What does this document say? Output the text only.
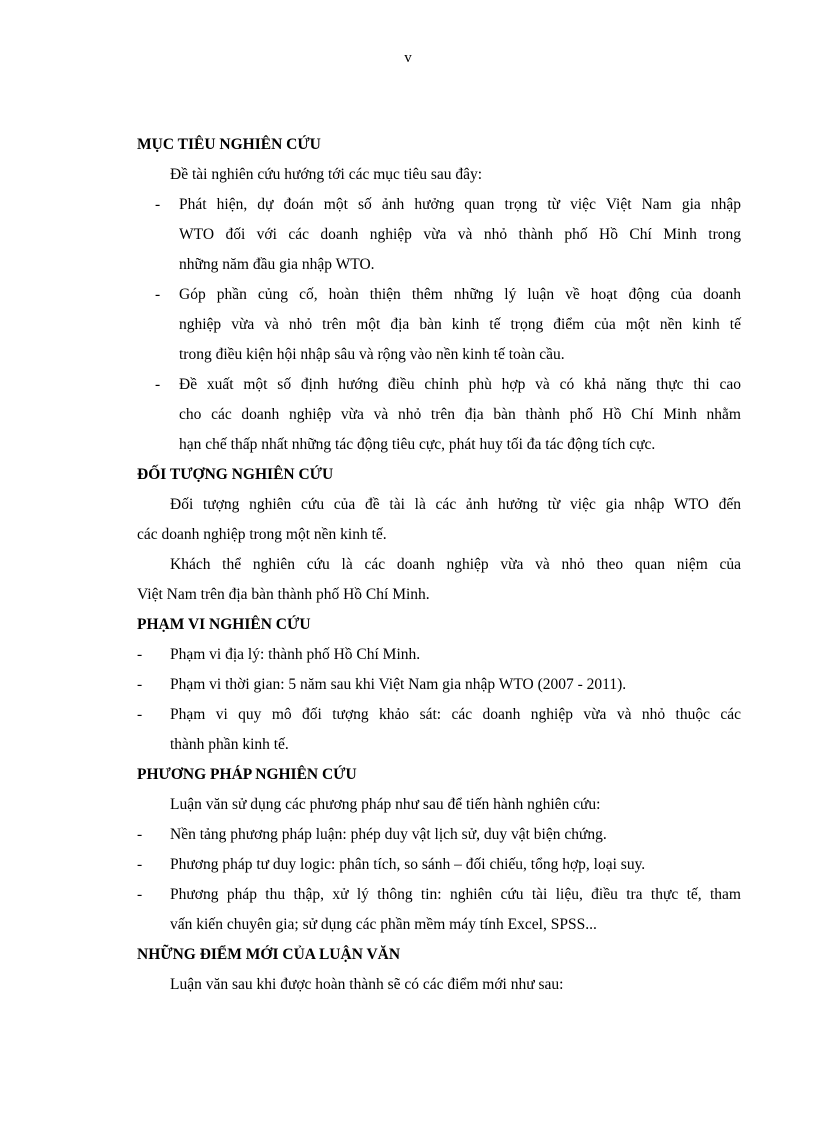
v
MỤC TIÊU NGHIÊN CỨU
Đề tài nghiên cứu hướng tới các mục tiêu sau đây:
- Phát hiện, dự đoán một số ảnh hưởng quan trọng từ việc Việt Nam gia nhập
WTO đối với các doanh nghiệp vừa và nhỏ thành phố Hồ Chí Minh trong
những năm đầu gia nhập WTO.
- Góp phần củng cố, hoàn thiện thêm những lý luận về hoạt động của doanh
nghiệp vừa và nhỏ trên một địa bàn kinh tế trọng điểm của một nền kinh tế
trong điều kiện hội nhập sâu và rộng vào nền kinh tế toàn cầu.
- Đề xuất một số định hướng điều chỉnh phù hợp và có khả năng thực thi cao
cho các doanh nghiệp vừa và nhỏ trên địa bàn thành phố Hồ Chí Minh nhằm
hạn chế thấp nhất những tác động tiêu cực, phát huy tối đa tác động tích cực.
ĐỐI TƯỢNG NGHIÊN CỨU
Đối tượng nghiên cứu của đề tài là các ảnh hưởng từ việc gia nhập WTO đến
các doanh nghiệp trong một nền kinh tế.
Khách thể nghiên cứu là các doanh nghiệp vừa và nhỏ theo quan niệm của
Việt Nam trên địa bàn thành phố Hồ Chí Minh.
PHẠM VI NGHIÊN CỨU
- Phạm vi địa lý: thành phố Hồ Chí Minh.
- Phạm vi thời gian: 5 năm sau khi Việt Nam gia nhập WTO (2007 - 2011).
- Phạm vi quy mô đối tượng khảo sát: các doanh nghiệp vừa và nhỏ thuộc các
thành phần kinh tế.
PHƯƠNG PHÁP NGHIÊN CỨU
Luận văn sử dụng các phương pháp như sau để tiến hành nghiên cứu:
- Nền tảng phương pháp luận: phép duy vật lịch sử, duy vật biện chứng.
- Phương pháp tư duy logic: phân tích, so sánh – đối chiếu, tổng hợp, loại suy.
- Phương pháp thu thập, xử lý thông tin: nghiên cứu tài liệu, điều tra thực tế, tham
vấn kiến chuyên gia; sử dụng các phần mềm máy tính Excel, SPSS...
NHỮNG ĐIỂM MỚI CỦA LUẬN VĂN
Luận văn sau khi được hoàn thành sẽ có các điểm mới như sau:
